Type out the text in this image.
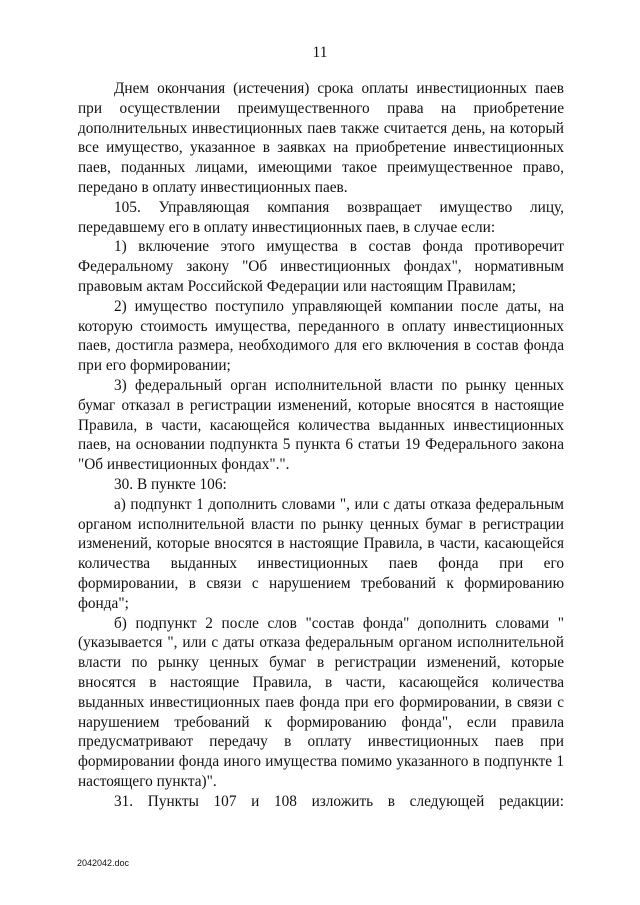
11

Днем окончания (истечения) срока оплаты инвестиционных паев при осуществлении преимущественного права на приобретение дополнительных инвестиционных паев также считается день, на который все имущество, указанное в заявках на приобретение инвестиционных паев, поданных лицами, имеющими такое преимущественное право, передано в оплату инвестиционных паев.

105. Управляющая компания возвращает имущество лицу, передавшему его в оплату инвестиционных паев, в случае если:

1) включение этого имущества в состав фонда противоречит Федеральному закону "Об инвестиционных фондах", нормативным правовым актам Российской Федерации или настоящим Правилам;

2) имущество поступило управляющей компании после даты, на которую стоимость имущества, переданного в оплату инвестиционных паев, достигла размера, необходимого для его включения в состав фонда при его формировании;

3) федеральный орган исполнительной власти по рынку ценных бумаг отказал в регистрации изменений, которые вносятся в настоящие Правила, в части, касающейся количества выданных инвестиционных паев, на основании подпункта 5 пункта 6 статьи 19 Федерального закона "Об инвестиционных фондах".".

30. В пункте 106:

а) подпункт 1 дополнить словами ", или с даты отказа федеральным органом исполнительной власти по рынку ценных бумаг в регистрации изменений, которые вносятся в настоящие Правила, в части, касающейся количества выданных инвестиционных паев фонда при его формировании, в связи с нарушением требований к формированию фонда";

б) подпункт 2 после слов "состав фонда" дополнить словами "(указывается ", или с даты отказа федеральным органом исполнительной власти по рынку ценных бумаг в регистрации изменений, которые вносятся в настоящие Правила, в части, касающейся количества выданных инвестиционных паев фонда при его формировании, в связи с нарушением требований к формированию фонда", если правила предусматривают передачу в оплату инвестиционных паев при формировании фонда иного имущества помимо указанного в подпункте 1 настоящего пункта)".

31. Пункты 107 и 108 изложить в следующей редакции:

2042042.doc
